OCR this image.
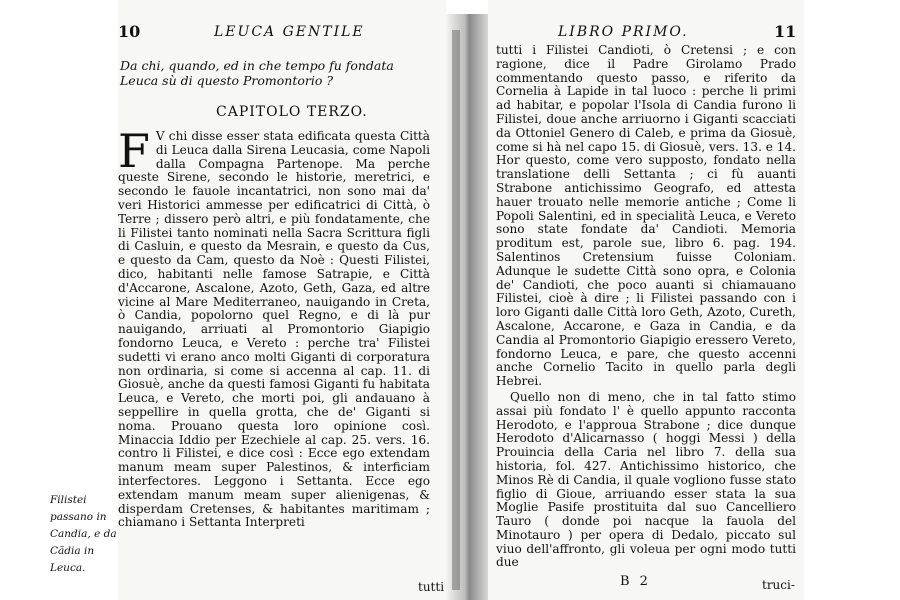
10	LEUCA GENTILE
Da chi, quando, ed in che tempo fu fondata Leuca sù di questo Promontorio ?
CAPITOLO TERZO.
F V chi disse esser stata edificata questa Città di Leuca dalla Sirena Leucasia, come Napoli dalla Compagna Partenope. Ma perche queste Sirene, secondo le historie, meretrici, e secondo le fauole incantatrici, non sono mai da' veri Historici ammesse per edificatrici di Città, ò Terre ; dissero però altri, e più fondatamente, che li Filistei tanto nominati nella Sacra Scrittura figli di Casluin, e questo da Mesrain, e questo da Cus, e questo da Cam, questo da Noè : Questi Filistei, dico, habitanti nelle famose Satrapie, e Città d'Accarone, Ascalone, Azoto, Geth, Gaza, ed altre vicine al Mare Mediterraneo, nauigando in Creta, ò Candia, popolorno quel Regno, e di là pur nauigando, arriuati al Promontorio Giapigio fondorno Leuca, e Vereto : perche tra' Filistei sudetti vi erano anco molti Giganti di corporatura non ordinaria, si come si accenna al cap. 11. di Giosuè, anche da questi famosi Giganti fu habitata Leuca, e Vereto, che morti poi, gli andauano à seppellire in quella grotta, che de' Giganti si noma. Prouano questa loro opinione così. Minaccia Iddio per Ezechiele al cap. 25. vers. 16. contro li Filistei, e dice così : Ecce ego extendam manum meam super Palestinos, & interficiam interfectores. Leggono i Settanta. Ecce ego extendam manum meam super alienigenas, & disperdam Cretenses, & habitantes maritimam ; chiamano i Settanta Interpreti
Filistei passano in Candia, e da Cãdia in Leuca.
tutti
LIBRO PRIMO.	11
tutti i Filistei Candioti, ò Cretensi ; e con ragione, dice il Padre Girolamo Prado commentando questo passo, e riferito da Cornelia à Lapide in tal luoco : perche li primi ad habitar, e popolar l'Isola di Candia furono li Filistei, doue anche arriuorno i Giganti scacciati da Ottoniel Genero di Caleb, e prima da Giosuè, come si hà nel capo 15. di Giosuè, vers. 13. e 14. Hor questo, come vero supposto, fondato nella translatione delli Settanta ; ci fù auanti Strabone antichissimo Geografo, ed attesta hauer trouato nelle memorie antiche ; Come li Popoli Salentini, ed in specialità Leuca, e Vereto sono state fondate da' Candioti. Memoria proditum est, parole sue, libro 6. pag. 194. Salentinos Cretensium fuisse Coloniam. Adunque le sudette Città sono opra, e Colonia de' Candioti, che poco auanti si chiamauano Filistei, cioè à dire ; li Filistei passando con i loro Giganti dalle Città loro Geth, Azoto, Cureth, Ascalone, Accarone, e Gaza in Candia, e da Candia al Promontorio Giapigio eressero Vereto, fondorno Leuca, e pare, che questo accenni anche Cornelio Tacito in quello parla degli Hebrei.
Quello non di meno, che in tal fatto stimo assai più fondato l' è quello appunto racconta Herodoto, e l'approua Strabone ; dice dunque Herodoto d'Alicarnasso ( hoggi Messi ) della Prouincia della Caria nel libro 7. della sua historia, fol. 427. Antichissimo historico, che Minos Rè di Candia, il quale vogliono fusse stato figlio di Gioue, arriuando esser stata la sua Moglie Pasife prostituita dal suo Cancelliero Tauro ( donde poi nacque la fauola del Minotauro ) per opera di Dedalo, piccato sul viuo dell'affronto, gli voleua per ogni modo tutti due
B 2	truci-
